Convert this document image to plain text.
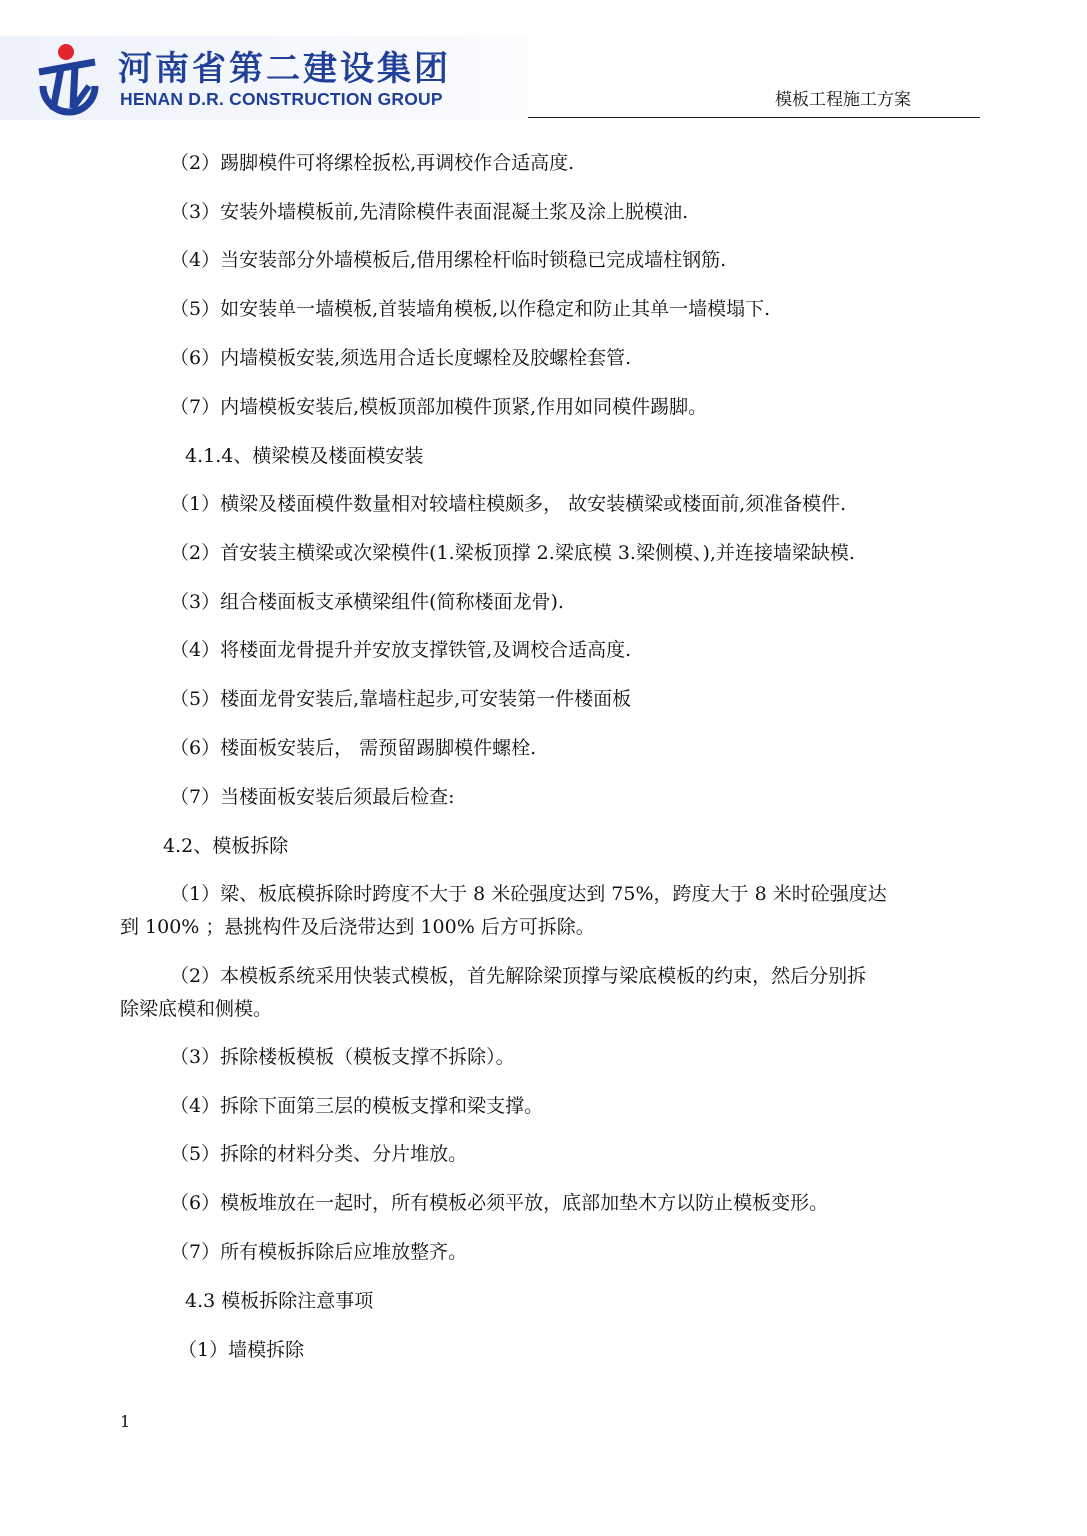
河南省第二建设集团
HENAN D.R. CONSTRUCTION GROUP	模板工程施工方案
（2）踢脚模件可将缧栓扳松,再调校作合适高度.
（3）安装外墙模板前,先清除模件表面混凝土浆及涂上脱模油.
（4）当安装部分外墙模板后,借用缧栓杆临时锁稳已完成墙柱钢筋.
（5）如安装单一墙模板,首装墙角模板,以作稳定和防止其单一墙模塌下.
（6）内墙模板安装,须选用合适长度螺栓及胶螺栓套管.
（7）内墙模板安装后,模板顶部加模件顶紧,作用如同模件踢脚。
4.1.4、横梁模及楼面模安装
（1）横梁及楼面模件数量相对较墙柱模颇多， 故安装横梁或楼面前,须准备模件.
（2）首安装主横梁或次梁模件(1.梁板顶撑 2.梁底模 3.梁侧模、),并连接墙梁缺模.
（3）组合楼面板支承横梁组件(简称楼面龙骨).
（4）将楼面龙骨提升并安放支撑铁管,及调校合适高度.
（5）楼面龙骨安装后,靠墙柱起步,可安装第一件楼面板
（6）楼面板安装后， 需预留踢脚模件螺栓.
（7）当楼面板安装后须最后检查:
4.2、模板拆除
（1）梁、板底模拆除时跨度不大于 8 米砼强度达到 75%，跨度大于 8 米时砼强度达
到 100% ；悬挑构件及后浇带达到 100% 后方可拆除。
（2）本模板系统采用快装式模板，首先解除梁顶撑与梁底模板的约束，然后分别拆
除梁底模和侧模。
（3）拆除楼板模板（模板支撑不拆除）。
（4）拆除下面第三层的模板支撑和梁支撑。
（5）拆除的材料分类、分片堆放。
（6）模板堆放在一起时，所有模板必须平放，底部加垫木方以防止模板变形。
（7）所有模板拆除后应堆放整齐。
4.3 模板拆除注意事项
（1）墙模拆除
1
